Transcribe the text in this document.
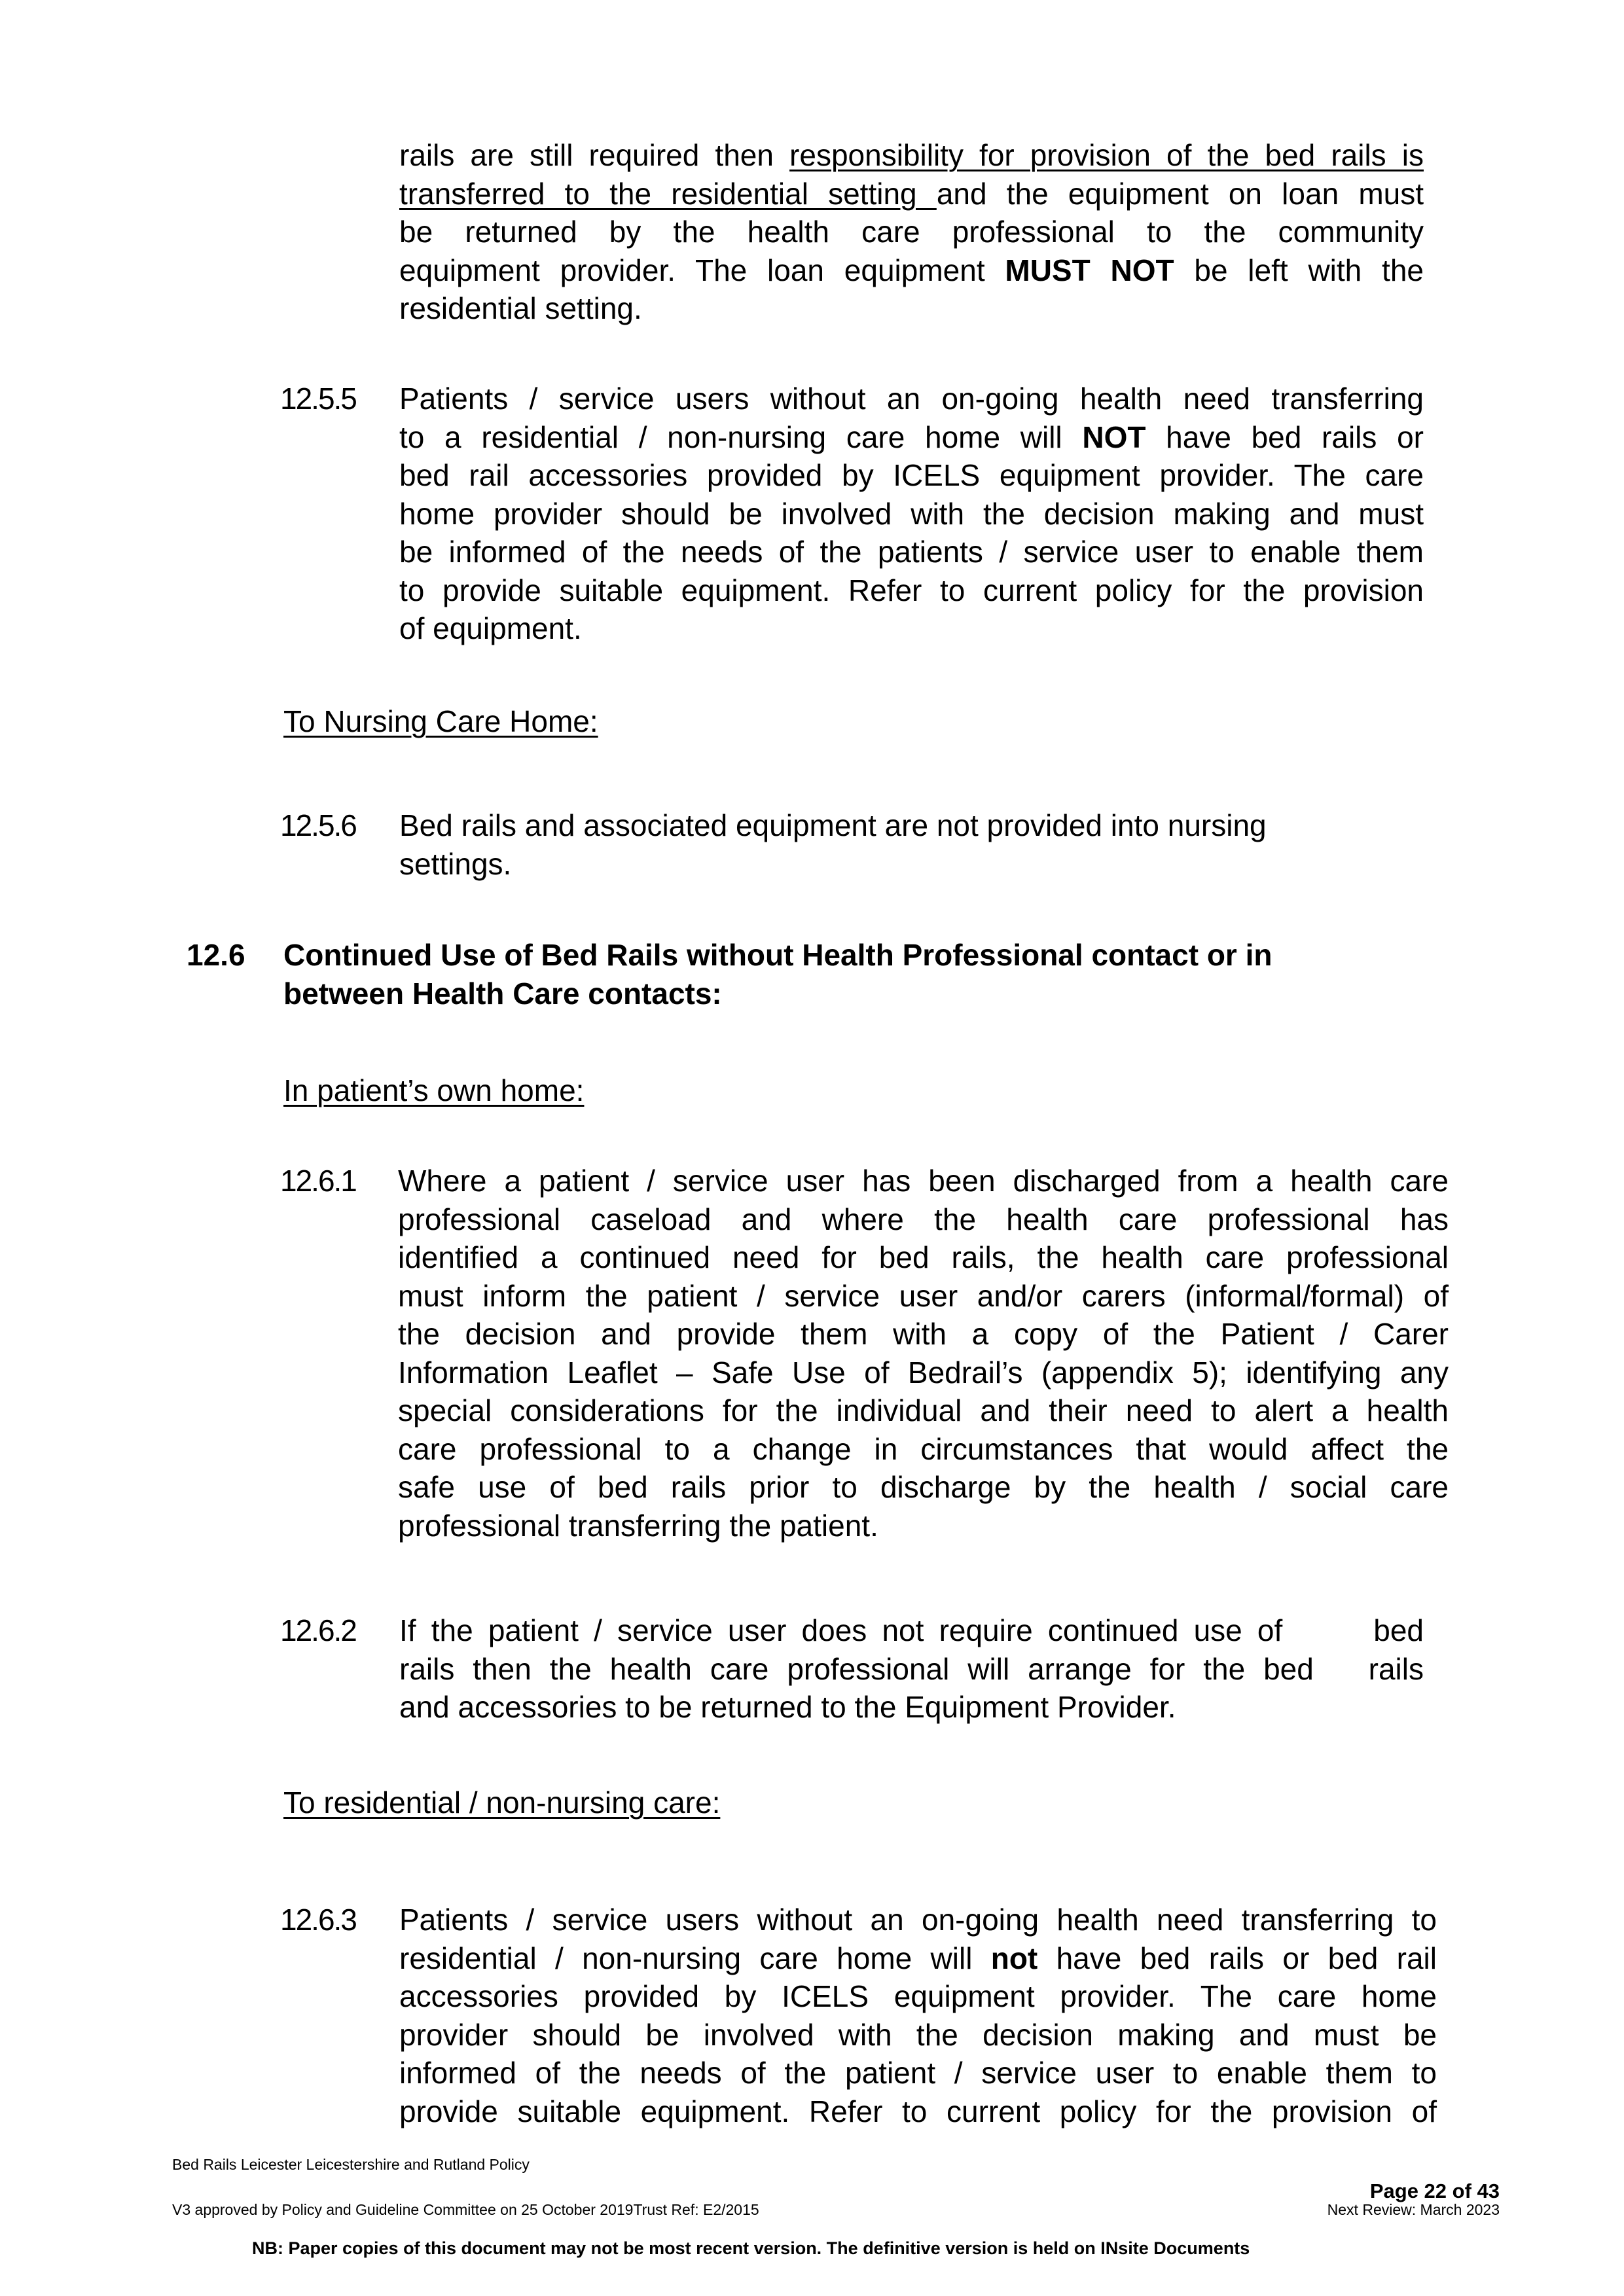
rails are still required then responsibility for provision of the bed rails is
transferred to the residential setting and the equipment on loan must
be returned by the health care professional to the community
equipment provider. The loan equipment MUST NOT be left with the
residential setting.
12.5.5 Patients / service users without an on-going health need transferring
to a residential / non-nursing care home will NOT have bed rails or
bed rail accessories provided by ICELS equipment provider. The care
home provider should be involved with the decision making and must
be informed of the needs of the patients / service user to enable them
to provide suitable equipment. Refer to current policy for the provision
of equipment.
To Nursing Care Home:
12.5.6 Bed rails and associated equipment are not provided into nursing
settings.
12.6 Continued Use of Bed Rails without Health Professional contact or in
between Health Care contacts:
In patient’s own home:
12.6.1 Where a patient / service user has been discharged from a health care
professional caseload and where the health care professional has
identified a continued need for bed rails, the health care professional
must inform the patient / service user and/or carers (informal/formal) of
the decision and provide them with a copy of the Patient / Carer
Information Leaflet – Safe Use of Bedrail’s (appendix 5); identifying any
special considerations for the individual and their need to alert a health
care professional to a change in circumstances that would affect the
safe use of bed rails prior to discharge by the health / social care
professional transferring the patient.
12.6.2 If the patient / service user does not require continued use of      bed
rails then the health care professional will arrange for the bed   rails
and accessories to be returned to the Equipment Provider.
To residential / non-nursing care:
12.6.3 Patients / service users without an on-going health need transferring to
residential / non-nursing care home will not have bed rails or bed rail
accessories provided by ICELS equipment provider. The care home
provider should be involved with the decision making and must be
informed of the needs of the patient / service user to enable them to
provide suitable equipment. Refer to current policy for the provision of
Bed Rails Leicester Leicestershire and Rutland Policy
Page 22 of 43
V3 approved by Policy and Guideline Committee on 25 October 2019Trust Ref: E2/2015	Next Review: March 2023
NB: Paper copies of this document may not be most recent version. The definitive version is held on INsite Documents
